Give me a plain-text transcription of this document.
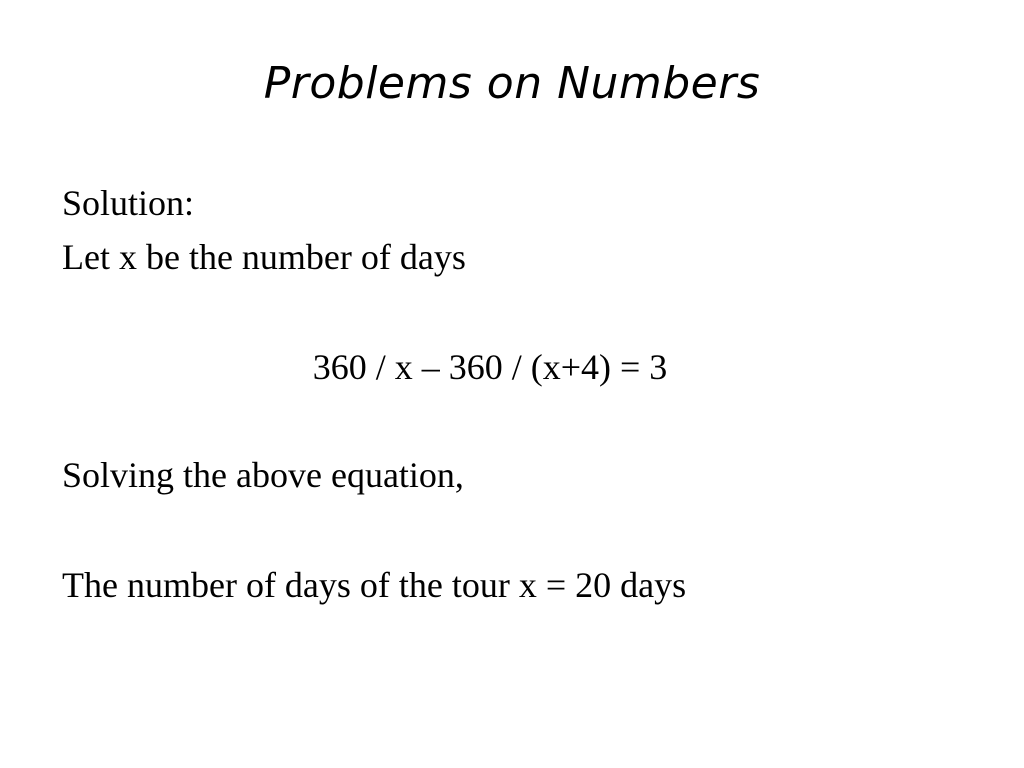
Problems on Numbers

Solution:

Let x be the number of days

360 / x – 360 / (x+4) = 3

Solving the above equation,

The number of days of the tour x = 20 days
